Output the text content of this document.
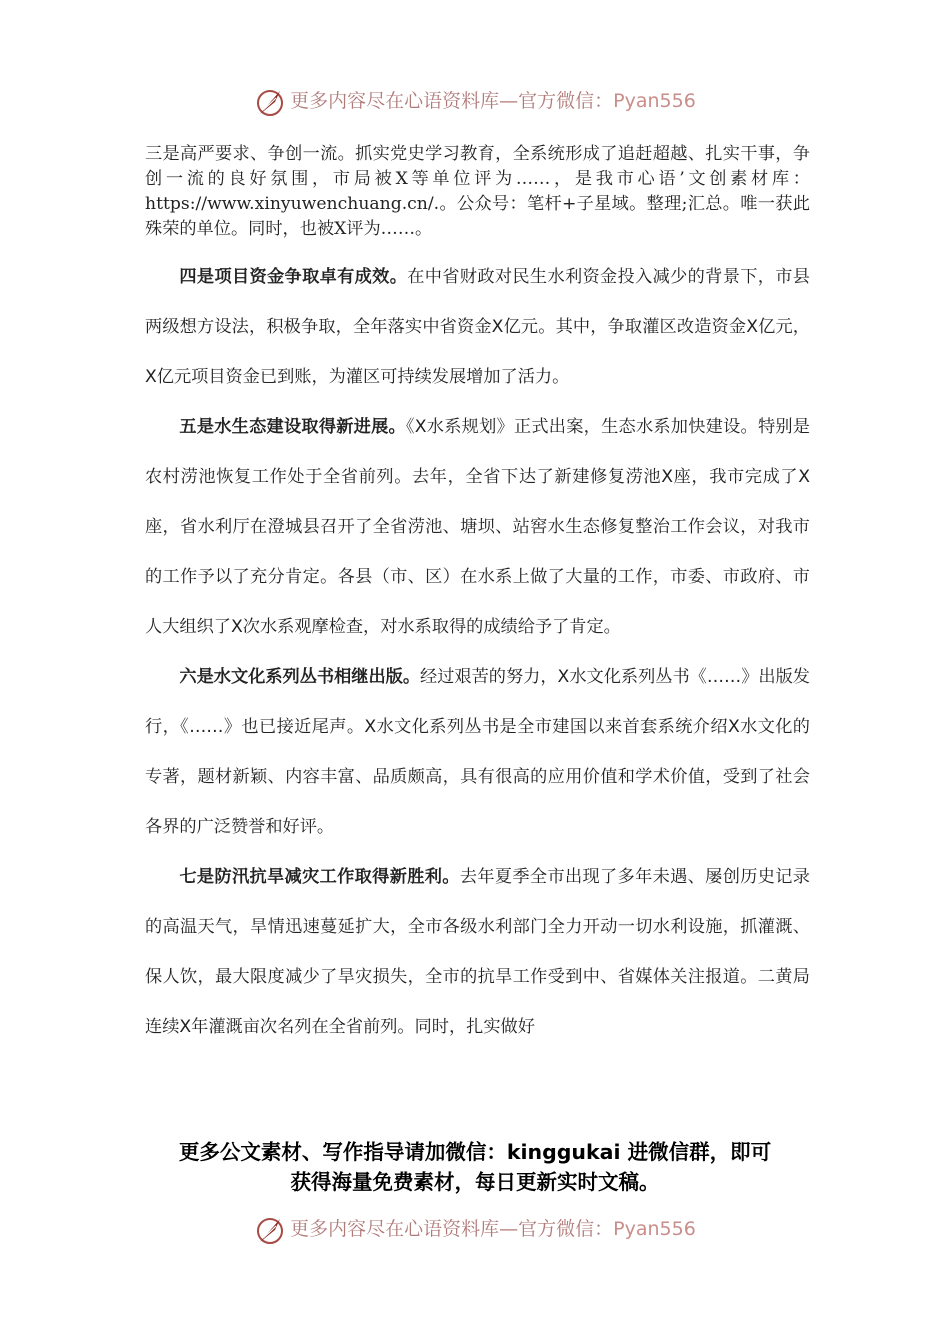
更多内容尽在心语资料库—官方微信：Pyan556

三是高严要求、争创一流。抓实党史学习教育，全系统形成了追赶超越、扎实干事，争创一流的良好氛围，市局被X等单位评为……，是我市心语’文创素材库：https://www.xinyuwenchuang.cn/.。公众号：笔杆+子星域。整理;汇总。唯一获此殊荣的单位。同时，也被X评为……。

四是项目资金争取卓有成效。在中省财政对民生水利资金投入减少的背景下，市县两级想方设法，积极争取，全年落实中省资金X亿元。其中，争取灌区改造资金X亿元，X亿元项目资金已到账，为灌区可持续发展增加了活力。

五是水生态建设取得新进展。《X水系规划》正式出案，生态水系加快建设。特别是农村涝池恢复工作处于全省前列。去年，全省下达了新建修复涝池X座，我市完成了X座，省水利厅在澄城县召开了全省涝池、塘坝、站窖水生态修复整治工作会议，对我市的工作予以了充分肯定。各县（市、区）在水系上做了大量的工作，市委、市政府、市人大组织了X次水系观摩检查，对水系取得的成绩给予了肯定。

六是水文化系列丛书相继出版。经过艰苦的努力，X水文化系列丛书《……》出版发行，《……》也已接近尾声。X水文化系列丛书是全市建国以来首套系统介绍X水文化的专著，题材新颖、内容丰富、品质颇高，具有很高的应用价值和学术价值，受到了社会各界的广泛赞誉和好评。

七是防汛抗旱减灾工作取得新胜利。去年夏季全市出现了多年未遇、屡创历史记录的高温天气，旱情迅速蔓延扩大，全市各级水利部门全力开动一切水利设施，抓灌溉、保人饮，最大限度减少了旱灾损失，全市的抗旱工作受到中、省媒体关注报道。二黄局连续X年灌溉亩次名列在全省前列。同时，扎实做好

更多公文素材、写作指导请加微信：kinggukai 进微信群，即可
获得海量免费素材，每日更新实时文稿。
更多内容尽在心语资料库—官方微信：Pyan556
